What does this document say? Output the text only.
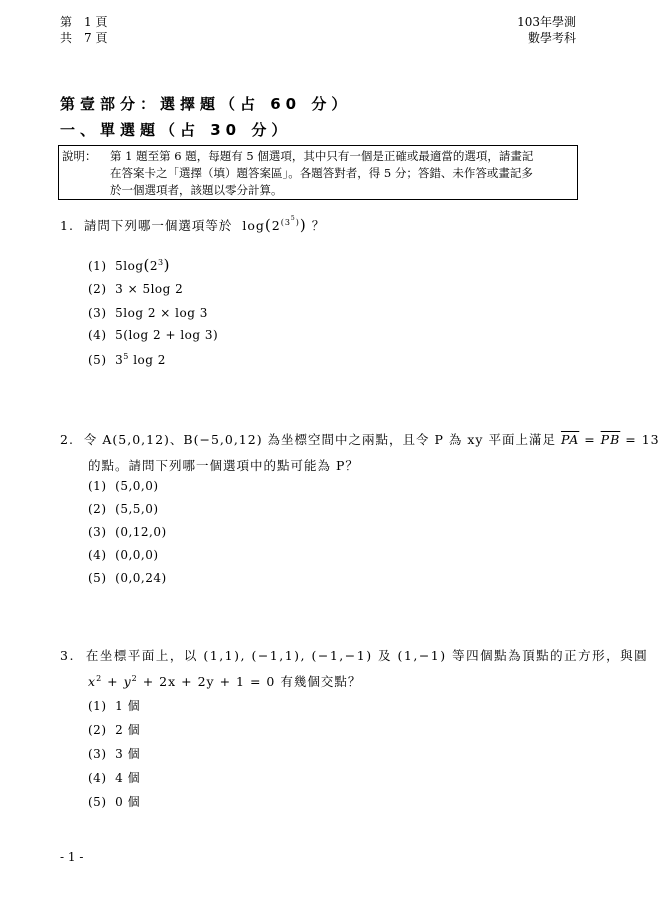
第　1 頁
共　7 頁
103年學測
數學考科
第壹部分：選擇題（占 60 分）
一、單選題（占 30 分）
說明： 第 1 題至第 6 題，每題有 5 個選項，其中只有一個是正確或最適當的選項，請畫記
在答案卡之「選擇（填）題答案區」。各題答對者，得 5 分；答錯、未作答或畫記多
於一個選項者，該題以零分計算。
1. 請問下列哪一個選項等於 log(2$^{(3^5)}$) ？
(1) $5\log(2^3)$
(2) 3 × 5log 2
(3) 5log 2 × log 3
(4) 5(log 2 + log 3)
(5)  $3^5$ log 2
2. 令 A(5,0,12)、B(−5,0,12) 為坐標空間中之兩點，且令 P 為 xy 平面上滿足 $\overline{PA} = \overline{PB} = 13$
的點。請問下列哪一個選項中的點可能為 P？
(1) (5,0,0)
(2) (5,5,0)
(3) (0,12,0)
(4) (0,0,0)
(5) (0,0,24)
3. 在坐標平面上，以 (1,1), (−1,1), (−1,−1) 及 (1,−1) 等四個點為頂點的正方形，與圓
$x^2 + y^2 + 2x + 2y + 1 = 0$ 有幾個交點？
(1) 1 個
(2) 2 個
(3) 3 個
(4) 4 個
(5) 0 個
- 1 -
